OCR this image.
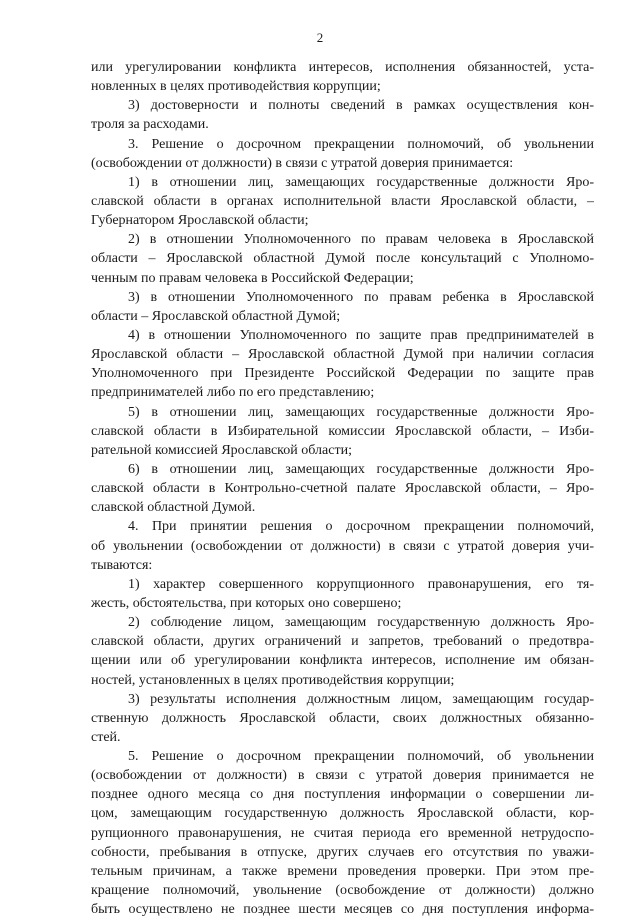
2
или урегулировании конфликта интересов, исполнения обязанностей, уста-
новленных в целях противодействия коррупции;
3) достоверности и полноты сведений в рамках осуществления кон-
троля за расходами.
3. Решение о досрочном прекращении полномочий, об увольнении
(освобождении от должности) в связи с утратой доверия принимается:
1) в отношении лиц, замещающих государственные должности Яро-
славской области в органах исполнительной власти Ярославской области, –
Губернатором Ярославской области;
2) в отношении Уполномоченного по правам человека в Ярославской
области – Ярославской областной Думой после консультаций с Уполномо-
ченным по правам человека в Российской Федерации;
3) в отношении Уполномоченного по правам ребенка в Ярославской
области – Ярославской областной Думой;
4) в отношении Уполномоченного по защите прав предпринимателей в
Ярославской области – Ярославской областной Думой при наличии согласия
Уполномоченного при Президенте Российской Федерации по защите прав
предпринимателей либо по его представлению;
5) в отношении лиц, замещающих государственные должности Яро-
славской области в Избирательной комиссии Ярославской области, – Изби-
рательной комиссией Ярославской области;
6) в отношении лиц, замещающих государственные должности Яро-
славской области в Контрольно-счетной палате Ярославской области, – Яро-
славской областной Думой.
4. При принятии решения о досрочном прекращении полномочий,
об увольнении (освобождении от должности) в связи с утратой доверия учи-
тываются:
1) характер совершенного коррупционного правонарушения, его тя-
жесть, обстоятельства, при которых оно совершено;
2) соблюдение лицом, замещающим государственную должность Яро-
славской области, других ограничений и запретов, требований о предотвра-
щении или об урегулировании конфликта интересов, исполнение им обязан-
ностей, установленных в целях противодействия коррупции;
3) результаты исполнения должностным лицом, замещающим государ-
ственную должность Ярославской области, своих должностных обязанно-
стей.
5. Решение о досрочном прекращении полномочий, об увольнении
(освобождении от должности) в связи с утратой доверия принимается не
позднее одного месяца со дня поступления информации о совершении ли-
цом, замещающим государственную должность Ярославской области, кор-
рупционного правонарушения, не считая периода его временной нетрудоспо-
собности, пребывания в отпуске, других случаев его отсутствия по уважи-
тельным причинам, а также времени проведения проверки. При этом пре-
кращение полномочий, увольнение (освобождение от должности) должно
быть осуществлено не позднее шести месяцев со дня поступления информа-
